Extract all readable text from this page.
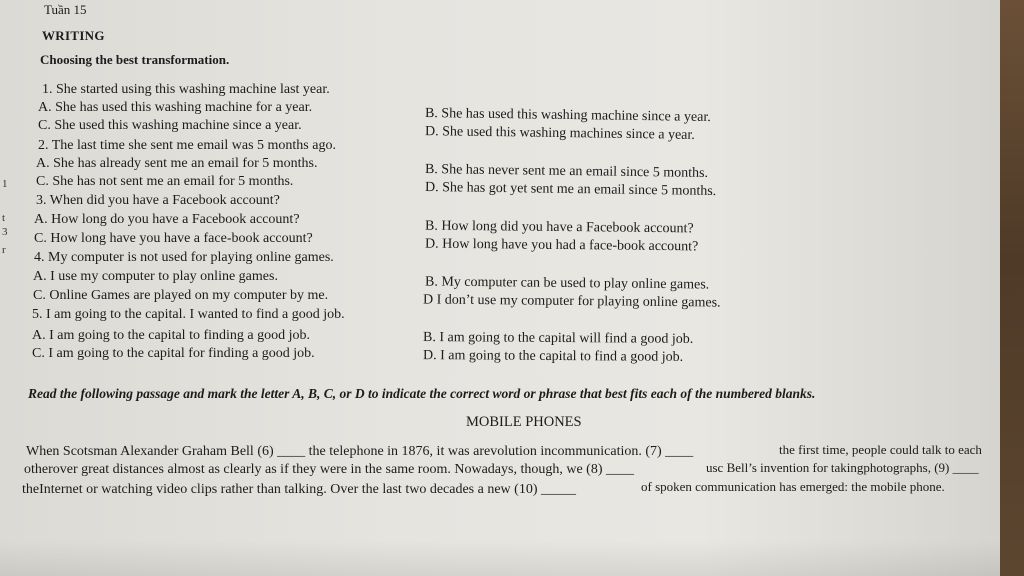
1
t
3
r
Tuần 15
WRITING
Choosing the best transformation.
1. She started using this washing machine last year.
A. She has used this washing machine for a year.	B. She has used this washing machine since a year.
C. She used this washing machine since a year.	D. She used this washing machines since a year.
2. The last time she sent me email was 5 months ago.
A. She has already sent me an email for 5 months.	B. She has never sent me an email since 5 months.
C. She has not sent me an email for 5 months.	D. She has got yet sent me an email since 5 months.
3. When did you have a Facebook account?
A. How long do you have a Facebook account?	B. How long did you have a Facebook account?
C. How long have you have a face-book account?	D. How long have you had a face-book account?
4. My computer is not used for playing online games.
A. I use my computer to play online games.	B. My computer can be used to play online games.
C. Online Games are played on my computer by me.	D I don’t use my computer for playing online games.
5. I am going to the capital. I wanted to find a good job.
A. I am going to the capital to finding a good job.	B. I am going to the capital will find a good job.
C. I am going to the capital for finding a good job.	D. I am going to the capital to find a good job.
Read the following passage and mark the letter A, B, C, or D to indicate the correct word or phrase that best fits each of the numbered blanks.
MOBILE PHONES
When Scotsman Alexander Graham Bell (6) ____ the telephone in 1876, it was arevolution incommunication. (7) ____	the first time, people could talk to each
otherover great distances almost as clearly as if they were in the same room. Nowadays, though, we (8) ____	usc Bell’s invention for takingphotographs, (9) ____
theInternet or watching video clips rather than talking. Over the last two decades a new (10) _____	of spoken communication has emerged: the mobile phone.
